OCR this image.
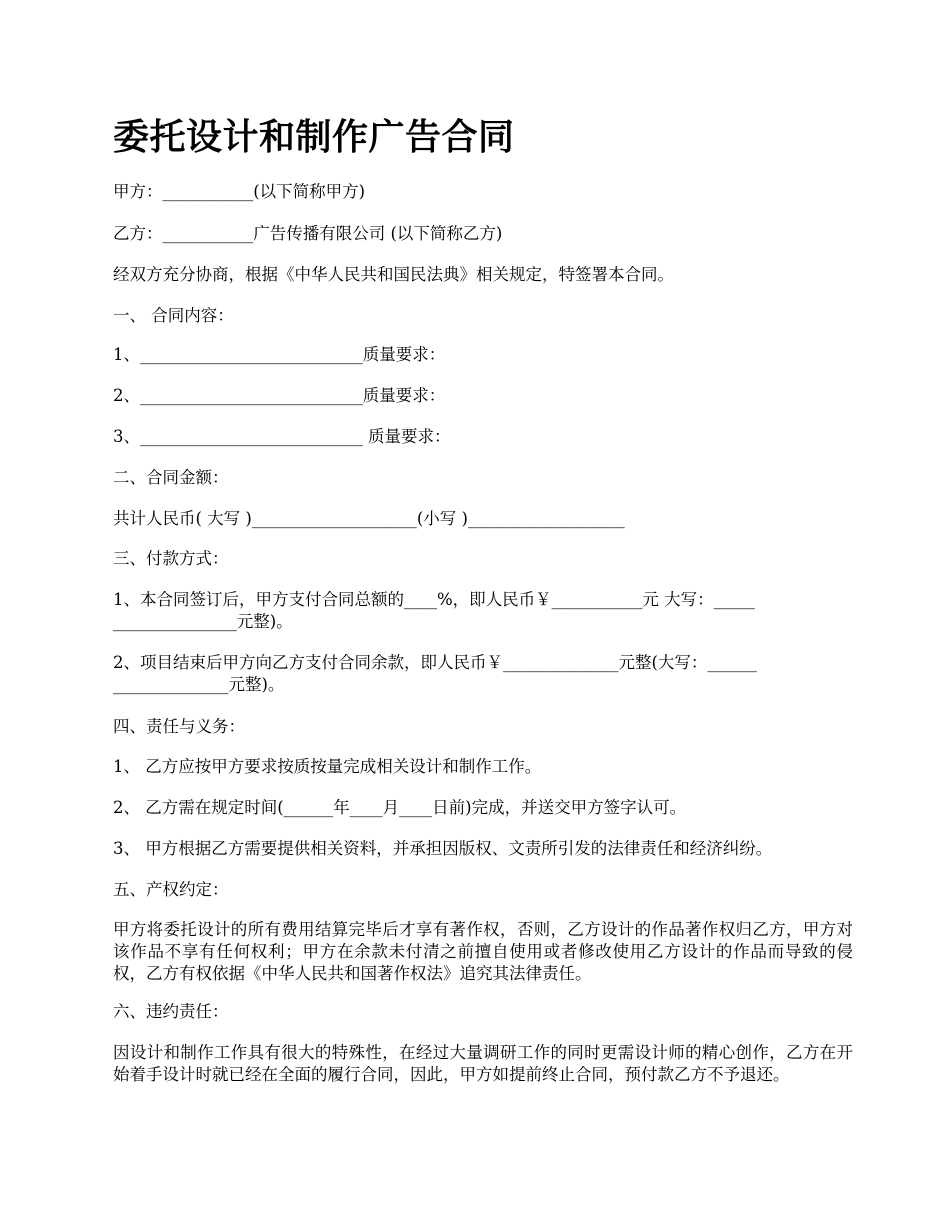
委托设计和制作广告合同
甲方：___________(以下简称甲方)
乙方：___________广告传播有限公司 (以下简称乙方)
经双方充分协商，根据《中华人民共和国民法典》相关规定，特签署本合同。
一、 合同内容：
1、___________________________质量要求：
2、___________________________质量要求：
3、___________________________ 质量要求：
二、合同金额：
共计人民币( 大写 )____________________(小写 )___________________
三、付款方式：
1、本合同签订后，甲方支付合同总额的____%，即人民币￥___________元 大写：_____
_______________元整)。
2、项目结束后甲方向乙方支付合同余款，即人民币￥______________元整(大写：______
______________元整)。
四、责任与义务：
1、 乙方应按甲方要求按质按量完成相关设计和制作工作。
2、 乙方需在规定时间(______年____月____日前)完成，并送交甲方签字认可。
3、 甲方根据乙方需要提供相关资料，并承担因版权、文责所引发的法律责任和经济纠纷。
五、产权约定：
甲方将委托设计的所有费用结算完毕后才享有著作权，否则，乙方设计的作品著作权归乙方，甲方对该作品不享有任何权利；甲方在余款未付清之前擅自使用或者修改使用乙方设计的作品而导致的侵权，乙方有权依据《中华人民共和国著作权法》追究其法律责任。
六、违约责任：
因设计和制作工作具有很大的特殊性，在经过大量调研工作的同时更需设计师的精心创作，乙方在开始着手设计时就已经在全面的履行合同，因此，甲方如提前终止合同，预付款乙方不予退还。
